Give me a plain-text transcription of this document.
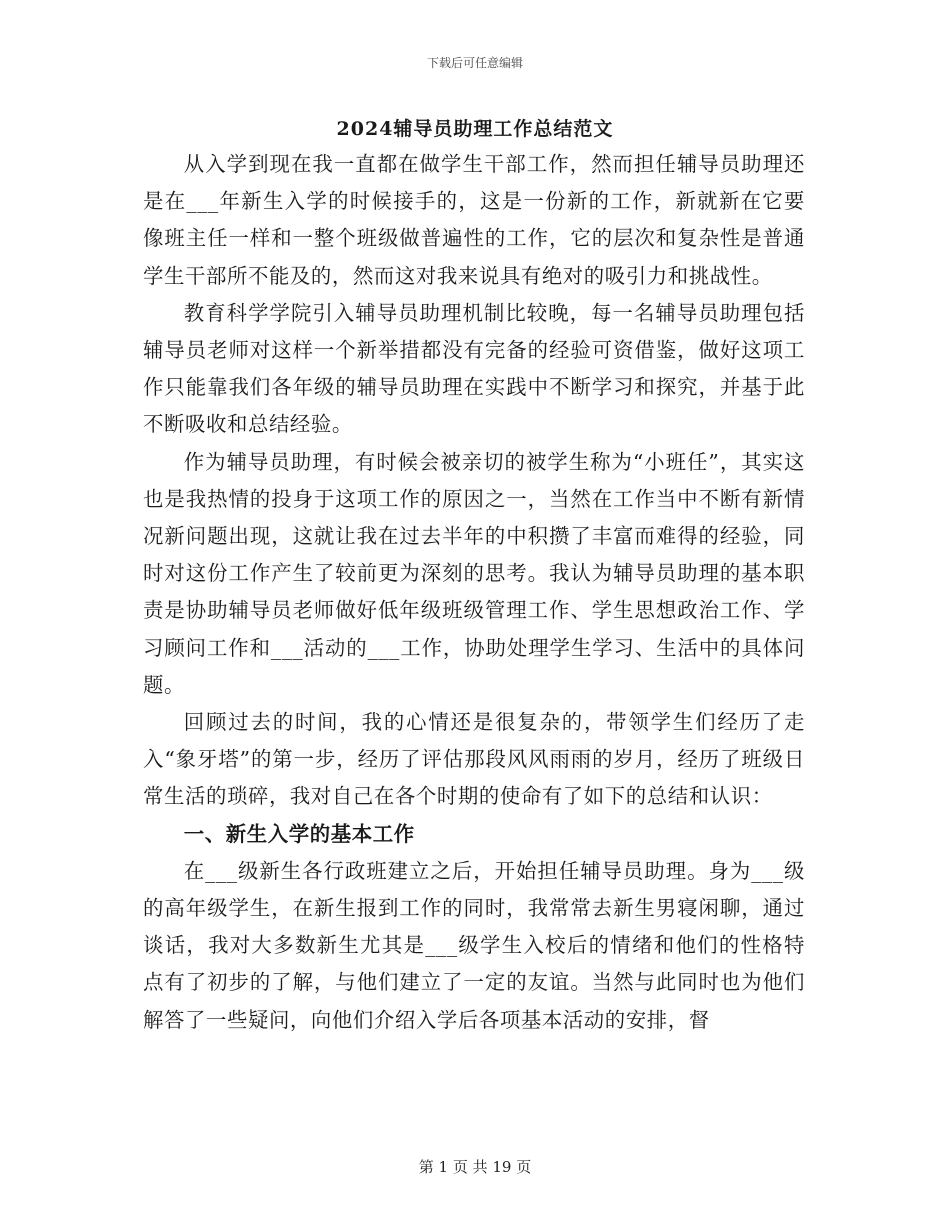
下载后可任意编辑
2024辅导员助理工作总结范文

从入学到现在我一直都在做学生干部工作，然而担任辅导员助理还是在___年新生入学的时候接手的，这是一份新的工作，新就新在它要像班主任一样和一整个班级做普遍性的工作，它的层次和复杂性是普通学生干部所不能及的，然而这对我来说具有绝对的吸引力和挑战性。

教育科学学院引入辅导员助理机制比较晚，每一名辅导员助理包括辅导员老师对这样一个新举措都没有完备的经验可资借鉴，做好这项工作只能靠我们各年级的辅导员助理在实践中不断学习和探究，并基于此不断吸收和总结经验。

作为辅导员助理，有时候会被亲切的被学生称为“小班任”，其实这也是我热情的投身于这项工作的原因之一，当然在工作当中不断有新情况新问题出现，这就让我在过去半年的中积攒了丰富而难得的经验，同时对这份工作产生了较前更为深刻的思考。我认为辅导员助理的基本职责是协助辅导员老师做好低年级班级管理工作、学生思想政治工作、学习顾问工作和___活动的___工作，协助处理学生学习、生活中的具体问题。

回顾过去的时间，我的心情还是很复杂的，带领学生们经历了走入“象牙塔”的第一步，经历了评估那段风风雨雨的岁月，经历了班级日常生活的琐碎，我对自己在各个时期的使命有了如下的总结和认识：

一、新生入学的基本工作

在___级新生各行政班建立之后，开始担任辅导员助理。身为___级的高年级学生，在新生报到工作的同时，我常常去新生男寝闲聊，通过谈话，我对大多数新生尤其是___级学生入校后的情绪和他们的性格特点有了初步的了解，与他们建立了一定的友谊。当然与此同时也为他们解答了一些疑问，向他们介绍入学后各项基本活动的安排，督

第 1 页 共 19 页
